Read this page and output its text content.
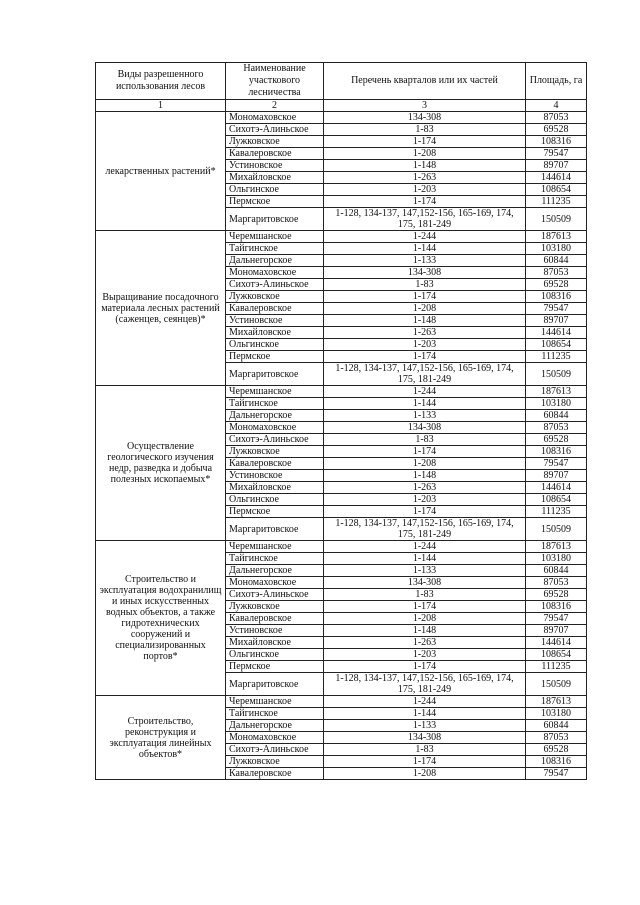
Виды разрешенного использования лесов	Наименование участкового лесничества	Перечень кварталов или их частей	Площадь, га
1	2	3	4
лекарственных растений*	Мономаховское	134-308	87053
	Сихотэ-Алиньское	1-83	69528
	Лужковское	1-174	108316
	Кавалеровское	1-208	79547
	Устиновское	1-148	89707
	Михайловское	1-263	144614
	Ольгинское	1-203	108654
	Пермское	1-174	111235
	Маргаритовское	1-128, 134-137, 147,152-156, 165-169, 174, 175, 181-249	150509
Выращивание посадочного материала лесных растений (саженцев, сеянцев)*	Черемшанское	1-244	187613
	Тайгинское	1-144	103180
	Дальнегорское	1-133	60844
	Мономаховское	134-308	87053
	Сихотэ-Алиньское	1-83	69528
	Лужковское	1-174	108316
	Кавалеровское	1-208	79547
	Устиновское	1-148	89707
	Михайловское	1-263	144614
	Ольгинское	1-203	108654
	Пермское	1-174	111235
	Маргаритовское	1-128, 134-137, 147,152-156, 165-169, 174, 175, 181-249	150509
Осуществление геологического изучения недр, разведка и добыча полезных ископаемых*	Черемшанское	1-244	187613
	Тайгинское	1-144	103180
	Дальнегорское	1-133	60844
	Мономаховское	134-308	87053
	Сихотэ-Алиньское	1-83	69528
	Лужковское	1-174	108316
	Кавалеровское	1-208	79547
	Устиновское	1-148	89707
	Михайловское	1-263	144614
	Ольгинское	1-203	108654
	Пермское	1-174	111235
	Маргаритовское	1-128, 134-137, 147,152-156, 165-169, 174, 175, 181-249	150509
Строительство и эксплуатация водохранилищ и иных искусственных водных объектов, а также гидротехнических сооружений и специализированных портов*	Черемшанское	1-244	187613
	Тайгинское	1-144	103180
	Дальнегорское	1-133	60844
	Мономаховское	134-308	87053
	Сихотэ-Алиньское	1-83	69528
	Лужковское	1-174	108316
	Кавалеровское	1-208	79547
	Устиновское	1-148	89707
	Михайловское	1-263	144614
	Ольгинское	1-203	108654
	Пермское	1-174	111235
	Маргаритовское	1-128, 134-137, 147,152-156, 165-169, 174, 175, 181-249	150509
Строительство, реконструкция и эксплуатация линейных объектов*	Черемшанское	1-244	187613
	Тайгинское	1-144	103180
	Дальнегорское	1-133	60844
	Мономаховское	134-308	87053
	Сихотэ-Алиньское	1-83	69528
	Лужковское	1-174	108316
	Кавалеровское	1-208	79547
